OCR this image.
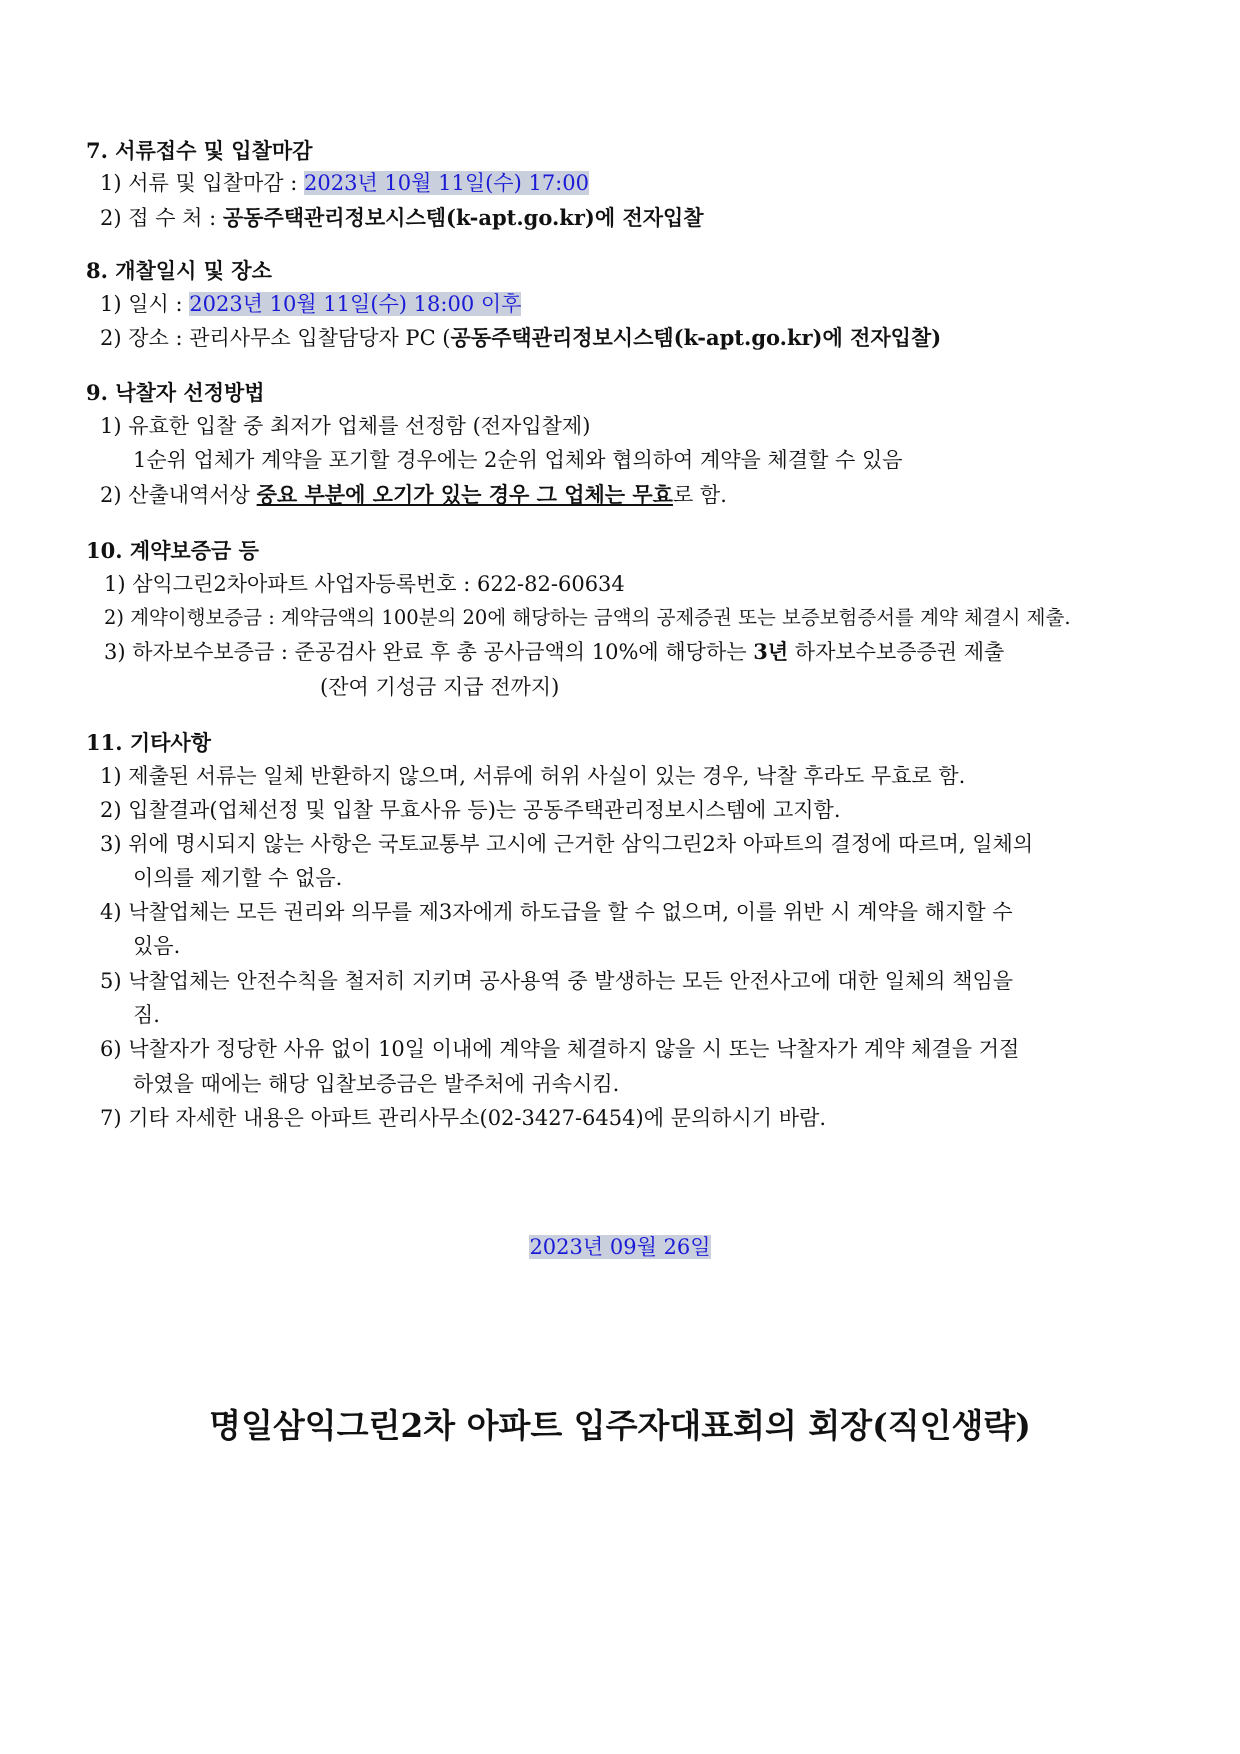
7. 서류접수 및 입찰마감
1) 서류 및 입찰마감 : 2023년 10월 11일(수) 17:00
2) 접 수 처 : 공동주택관리정보시스템(k-apt.go.kr)에 전자입찰
8. 개찰일시 및 장소
1) 일시 : 2023년 10월 11일(수) 18:00 이후
2) 장소 : 관리사무소 입찰담당자 PC (공동주택관리정보시스템(k-apt.go.kr)에 전자입찰)
9. 낙찰자 선정방법
1) 유효한 입찰 중 최저가 업체를 선정함 (전자입찰제)
1순위 업체가 계약을 포기할 경우에는 2순위 업체와 협의하여 계약을 체결할 수 있음
2) 산출내역서상 중요 부분에 오기가 있는 경우 그 업체는 무효로 함.
10. 계약보증금 등
1) 삼익그린2차아파트 사업자등록번호 : 622-82-60634
2) 계약이행보증금 : 계약금액의 100분의 20에 해당하는 금액의 공제증권 또는 보증보험증서를 계약 체결시 제출.
3) 하자보수보증금 : 준공검사 완료 후 총 공사금액의 10%에 해당하는 3년 하자보수보증증권 제출
(잔여 기성금 지급 전까지)
11. 기타사항
1) 제출된 서류는 일체 반환하지 않으며, 서류에 허위 사실이 있는 경우, 낙찰 후라도 무효로 함.
2) 입찰결과(업체선정 및 입찰 무효사유 등)는 공동주택관리정보시스템에 고지함.
3) 위에 명시되지 않는 사항은 국토교통부 고시에 근거한 삼익그린2차 아파트의 결정에 따르며, 일체의
이의를 제기할 수 없음.
4) 낙찰업체는 모든 권리와 의무를 제3자에게 하도급을 할 수 없으며, 이를 위반 시 계약을 해지할 수
있음.
5) 낙찰업체는 안전수칙을 철저히 지키며 공사용역 중 발생하는 모든 안전사고에 대한 일체의 책임을
짐.
6) 낙찰자가 정당한 사유 없이 10일 이내에 계약을 체결하지 않을 시 또는 낙찰자가 계약 체결을 거절
하였을 때에는 해당 입찰보증금은 발주처에 귀속시킴.
7) 기타 자세한 내용은 아파트 관리사무소(02-3427-6454)에 문의하시기 바람.
2023년 09월 26일
명일삼익그린2차 아파트 입주자대표회의 회장(직인생략)
